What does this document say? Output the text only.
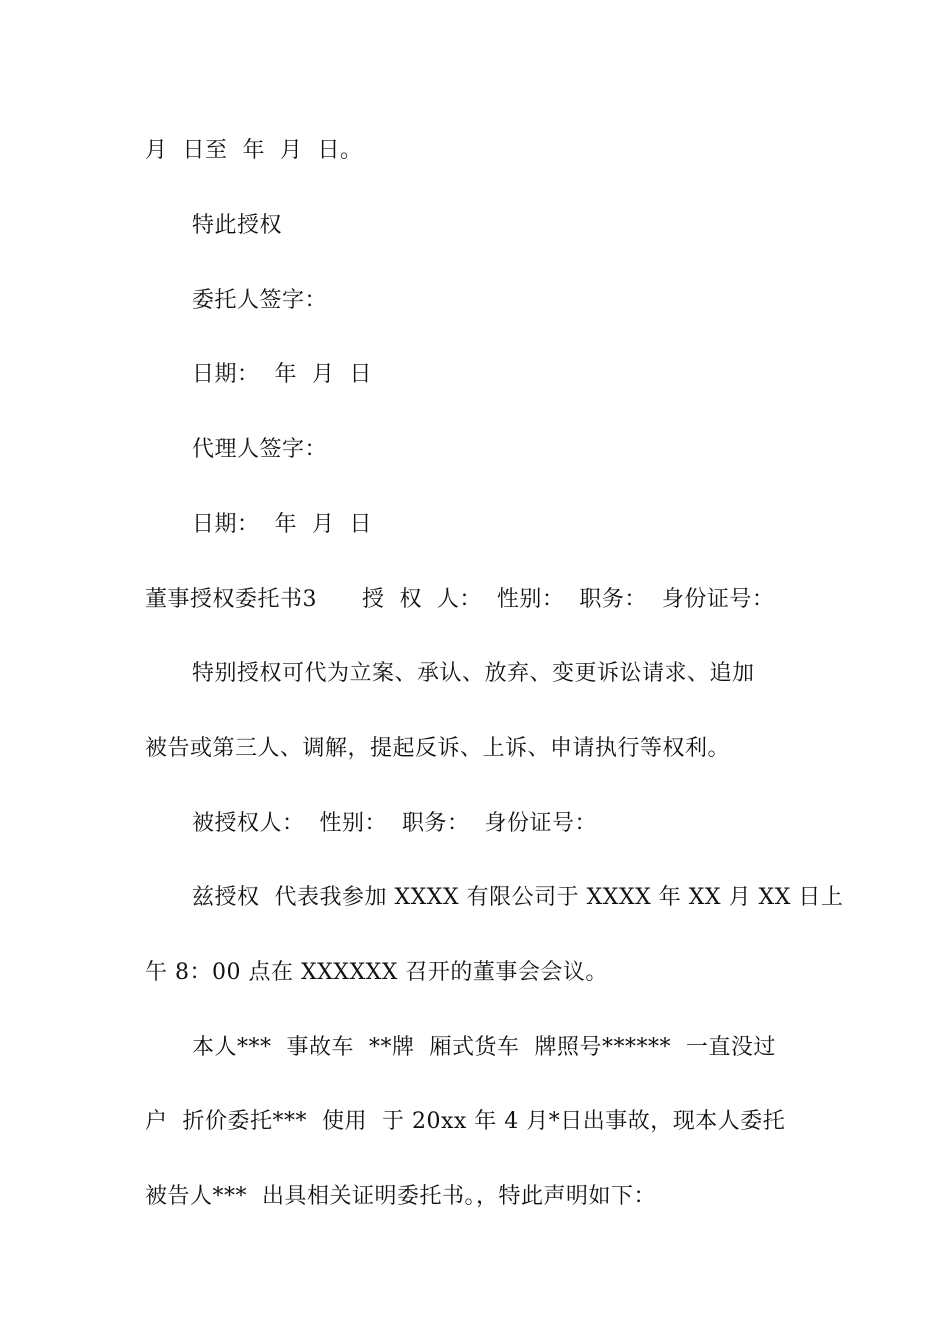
月  日至  年  月  日。
特此授权
委托人签字：
日期：  年  月  日
代理人签字：
日期：  年  月  日
董事授权委托书3      授  权  人：  性别：  职务：  身份证号：
特别授权可代为立案、承认、放弃、变更诉讼请求、追加
被告或第三人、调解，提起反诉、上诉、申请执行等权利。
被授权人：  性别：  职务：  身份证号：
兹授权  代表我参加 XXXX 有限公司于 XXXX 年 XX 月 XX 日上
午 8：00 点在 XXXXXX 召开的董事会会议。
本人***  事故车  **牌  厢式货车  牌照号******  一直没过
户  折价委托***  使用  于 20xx 年 4 月*日出事故，现本人委托
被告人***  出具相关证明委托书。，特此声明如下：
